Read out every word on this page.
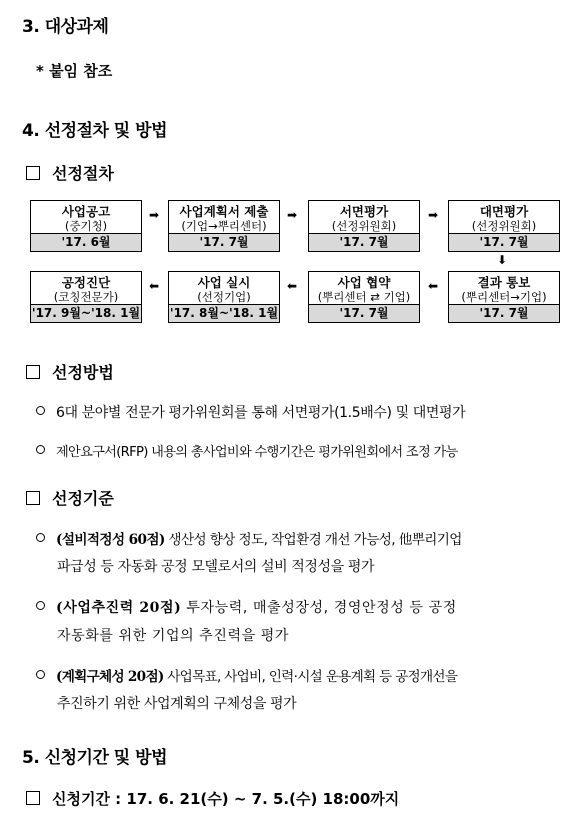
3. 대상과제
* 붙임 참조
4. 선정절차 및 방법
선정절차
사업공고
(중기청)
'17. 6월
➡	사업계획서 제출
(기업→뿌리센터)
'17. 7월
➡	서면평가
(선정위원회)
'17. 7월
➡	대면평가
(선정위원회)
'17. 7월
⬇
공정진단
(코칭전문가)
'17. 9월~'18. 1월
⬅	사업 실시
(선정기업)
'17. 8월~'18. 1월
⬅	사업 협약
(뿌리센터 ⇄ 기업)
'17. 7월
⬅	결과 통보
(뿌리센터→기업)
'17. 7월
선정방법
6대 분야별 전문가 평가위원회를 통해 서면평가(1.5배수) 및 대면평가
제안요구서(RFP) 내용의 총사업비와 수행기간은 평가위원회에서 조정 가능
선정기준
(설비적정성 60점) 생산성 향상 정도, 작업환경 개선 가능성, 他뿌리기업
파급성 등 자동화 공정 모델로서의 설비 적정성을 평가
(사업추진력 20점) 투자능력, 매출성장성, 경영안정성 등 공정
자동화를 위한 기업의 추진력을 평가
(계획구체성 20점) 사업목표, 사업비, 인력·시설 운용계획 등 공정개선을
추진하기 위한 사업계획의 구체성을 평가
5. 신청기간 및 방법
신청기간 : 17. 6. 21(수) ~ 7. 5.(수) 18:00까지
